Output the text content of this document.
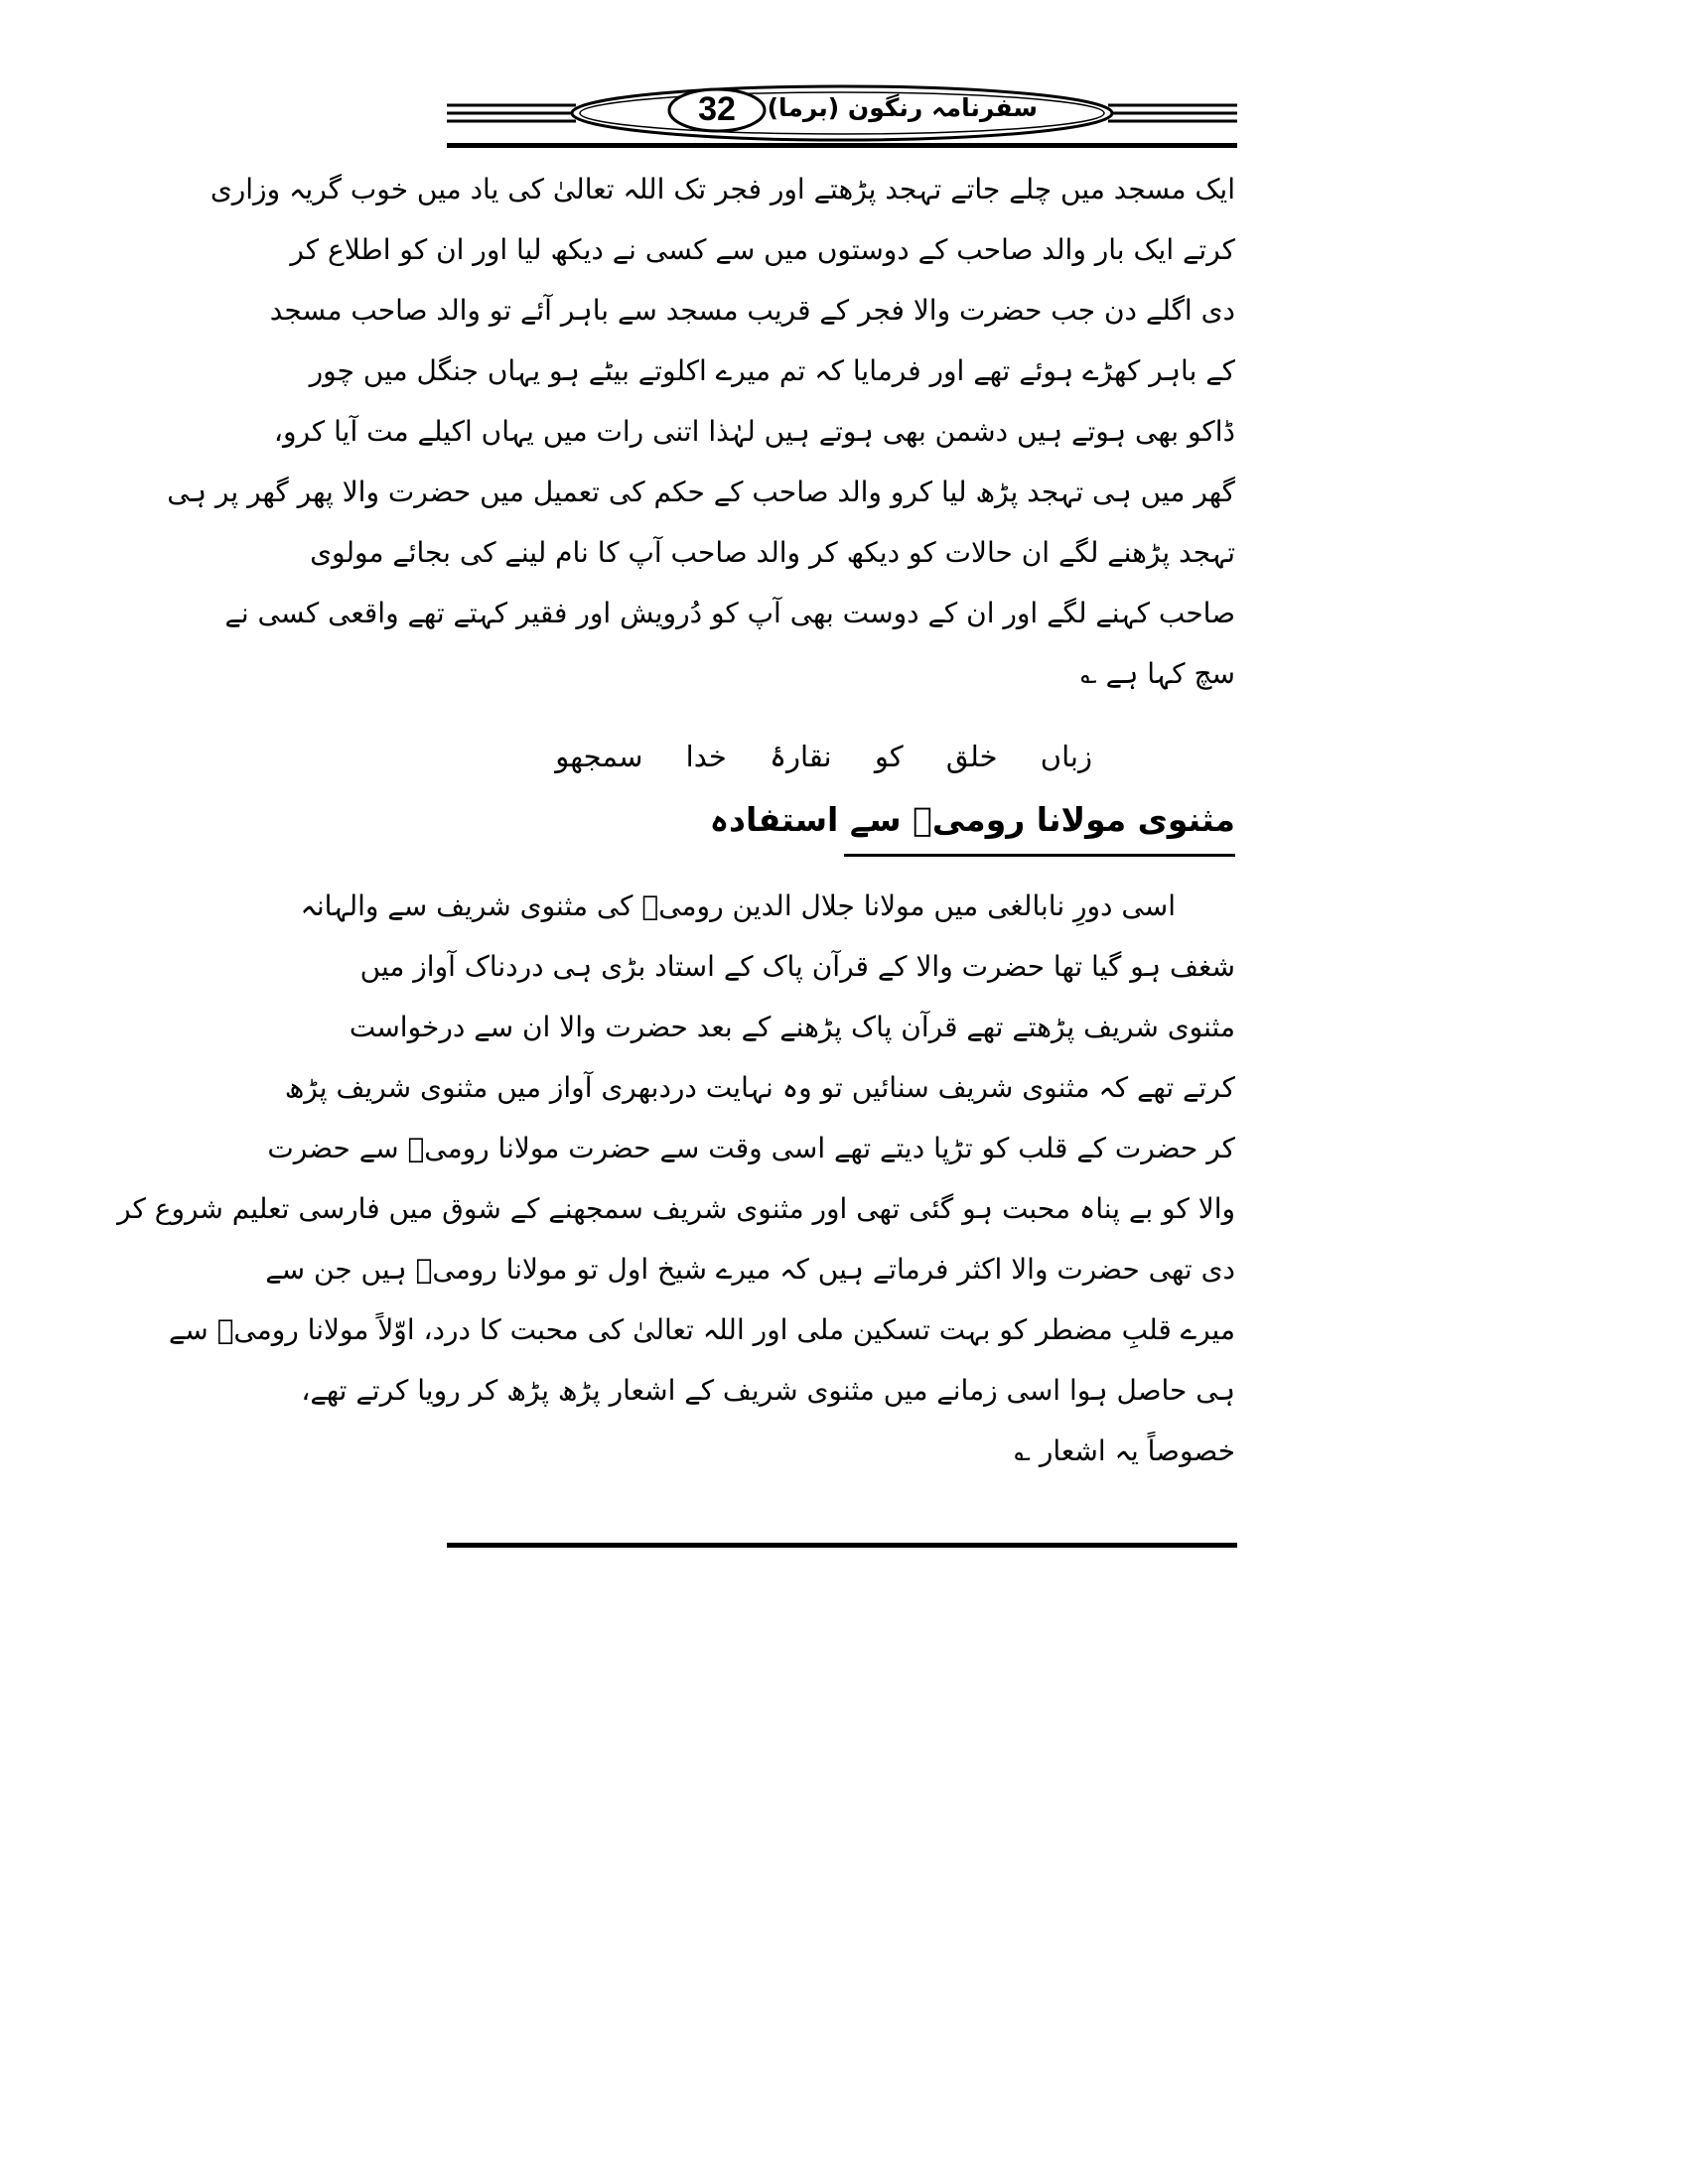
32	سفرنامہ رنگون (برما)
ایک مسجد میں چلے جاتے تہجد پڑھتے اور فجر تک اللہ تعالیٰ کی یاد میں خوب گریہ وزاری
کرتے ایک بار والد صاحب کے دوستوں میں سے کسی نے دیکھ لیا اور ان کو اطلاع کر
دی اگلے دن جب حضرت والا فجر کے قریب مسجد سے باہر آئے تو والد صاحب مسجد
کے باہر کھڑے ہوئے تھے اور فرمایا کہ تم میرے اکلوتے بیٹے ہو یہاں جنگل میں چور
ڈاکو بھی ہوتے ہیں دشمن بھی ہوتے ہیں لہٰذا اتنی رات میں یہاں اکیلے مت آیا کرو،
گھر میں ہی تہجد پڑھ لیا کرو والد صاحب کے حکم کی تعمیل میں حضرت والا پھر گھر پر ہی
تہجد پڑھنے لگے ان حالات کو دیکھ کر والد صاحب آپ کا نام لینے کی بجائے مولوی
صاحب کہنے لگے اور ان کے دوست بھی آپ کو دُرویش اور فقیر کہتے تھے واقعی کسی نے
سچ کہا ہے ؎
زباں خلق کو نقارۂ خدا سمجھو
مثنوی مولانا رومیؒ سے استفادہ
اسی دورِ نابالغی میں مولانا جلال الدین رومیؒ کی مثنوی شریف سے والہانہ
شغف ہو گیا تھا حضرت والا کے قرآن پاک کے استاد بڑی ہی دردناک آواز میں
مثنوی شریف پڑھتے تھے قرآن پاک پڑھنے کے بعد حضرت والا ان سے درخواست
کرتے تھے کہ مثنوی شریف سنائیں تو وہ نہایت دردبھری آواز میں مثنوی شریف پڑھ
کر حضرت کے قلب کو تڑپا دیتے تھے اسی وقت سے حضرت مولانا رومیؒ سے حضرت
والا کو بے پناہ محبت ہو گئی تھی اور مثنوی شریف سمجھنے کے شوق میں فارسی تعلیم شروع کر
دی تھی حضرت والا اکثر فرماتے ہیں کہ میرے شیخ اول تو مولانا رومیؒ ہیں جن سے
میرے قلبِ مضطر کو بہت تسکین ملی اور اللہ تعالیٰ کی محبت کا درد، اوّلاً مولانا رومیؒ سے
ہی حاصل ہوا اسی زمانے میں مثنوی شریف کے اشعار پڑھ پڑھ کر رویا کرتے تھے،
خصوصاً یہ اشعار ؎
